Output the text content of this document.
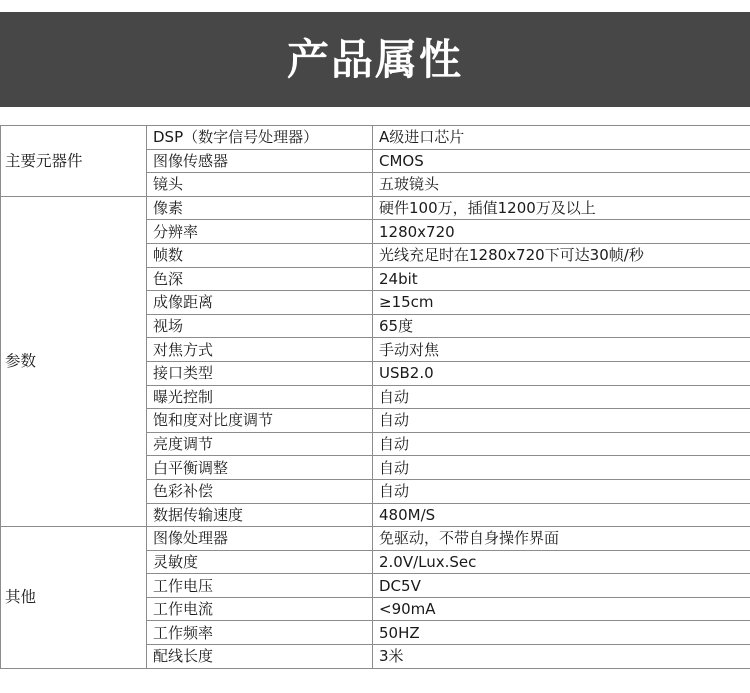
产品属性
主要元器件	DSP（数字信号处理器）	A级进口芯片
	图像传感器	CMOS
	镜头	五玻镜头
参数	像素	硬件100万，插值1200万及以上
	分辨率	1280x720
	帧数	光线充足时在1280x720下可达30帧/秒
	色深	24bit
	成像距离	≥15cm
	视场	65度
	对焦方式	手动对焦
	接口类型	USB2.0
	曝光控制	自动
	饱和度对比度调节	自动
	亮度调节	自动
	白平衡调整	自动
	色彩补偿	自动
	数据传输速度	480M/S
其他	图像处理器	免驱动，不带自身操作界面
	灵敏度	2.0V/Lux.Sec
	工作电压	DC5V
	工作电流	<90mA
	工作频率	50HZ
	配线长度	3米
